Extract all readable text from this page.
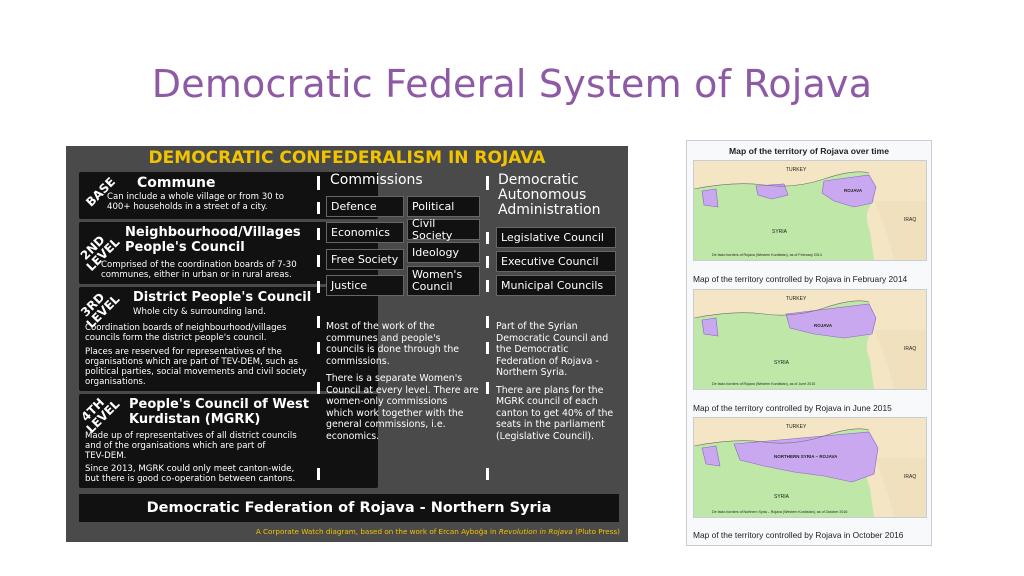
Democratic Federal System of Rojava
DEMOCRATIC CONFEDERALISM IN ROJAVA
BASE Commune
Can include a whole village or from 30 to
400+ households in a street of a city.
2ND LEVEL
Neighbourhood/Villages People's Council
Comprised of the coordination boards of 7-30
communes, either in urban or in rural areas.
3RD LEVEL District People's Council
Whole city & surrounding land.
Coordination boards of neighbourhood/villages
councils form the district people's council.
Places are reserved for representatives of the
organisations which are part of TEV-DEM, such as
political parties, social movements and civil society
organisations.
4TH LEVEL People's Council of West Kurdistan (MGRK)
Made up of representatives of all district councils
and of the organisations which are part of
TEV-DEM.
Since 2013, MGRK could only meet canton-wide,
but there is good co-operation between cantons.
Commissions
Defence	Political
Economics
Civil Society
Free Society
Ideology
Justice
Women's Council
Most of the work of the
communes and people's
councils is done through the
commissions.
There is a separate Women's
Council at every level. There are
women-only commissions
which work together with the
general commissions, i.e.
economics.
Democratic Autonomous Administration
Legislative Council
Executive Council
Municipal Councils
Part of the Syrian
Democratic Council and
the Democratic
Federation of Rojava -
Northern Syria.
There are plans for the
MGRK council of each
canton to get 40% of the
seats in the parliament
(Legislative Council).
Democratic Federation of Rojava - Northern Syria
A Corporate Watch diagram, based on the work of Ercan Ayboğa in Revolution in Rojava (Pluto Press)
Map of the territory of Rojava over time
TURKEY
ROJAVA
SYRIA
IRAQ
De facto borders of Rojava (Western Kurdistan), as of February 2014
Map of the territory controlled by Rojava in February 2014
TURKEY
ROJAVA
SYRIA
IRAQ
De facto borders of Rojava (Western Kurdistan), as of June 2015
Map of the territory controlled by Rojava in June 2015
TURKEY
NORTHERN SYRIA – ROJAVA
SYRIA
IRAQ
De facto borders of Northern Syria – Rojava (Western Kurdistan), as of October 2016
Map of the territory controlled by Rojava in October 2016
